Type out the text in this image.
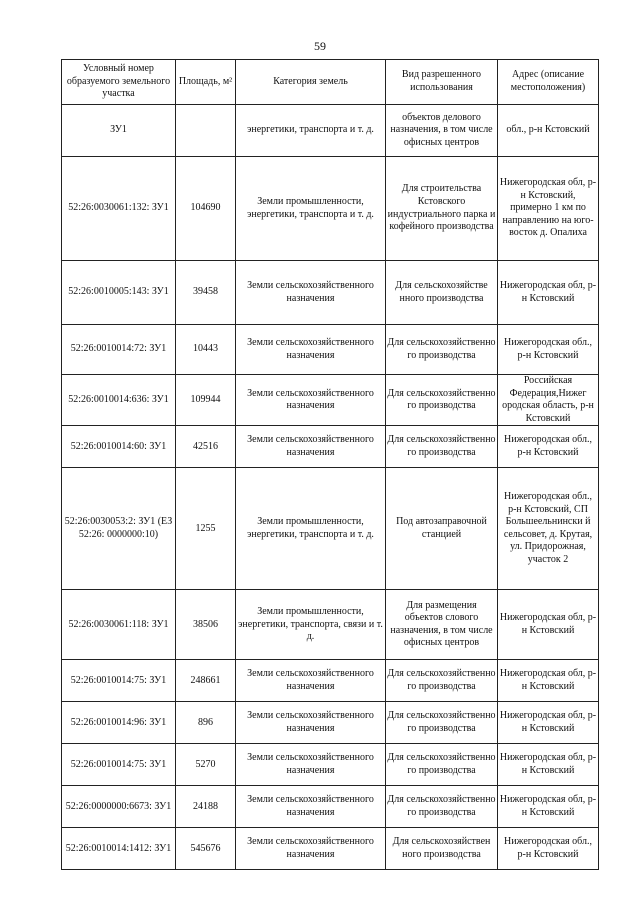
59
Условный номер образуемого земельного участка	Площадь, м²	Категория земель	Вид разрешенного использования	Адрес (описание местоположения)
ЗУ1		энергетики, транспорта и т. д.	объектов делового назначения, в том числе офисных центров	обл., р-н Кстовский
52:26:0030061:132: ЗУ1	104690	Земли промышленности, энергетики, транспорта и т. д.	Для строительства Кстовского индустриального парка и кофейного производства	Нижегородская обл, р-н Кстовский, примерно 1 км по направлению на юго-восток д. Опалиха
52:26:0010005:143: ЗУ1	39458	Земли сельскохозяйственного назначения	Для сельскохозяйстве нного производства	Нижегородская обл, р-н Кстовский
52:26:0010014:72: ЗУ1	10443	Земли сельскохозяйственного назначения	Для сельскохозяйственно го производства	Нижегородская обл., р-н Кстовский
52:26:0010014:636: ЗУ1	109944	Земли сельскохозяйственного назначения	Для сельскохозяйственно го производства	Российская Федерация,Нижег ородская область, р-н Кстовский
52:26:0010014:60: ЗУ1	42516	Земли сельскохозяйственного назначения	Для сельскохозяйственно го производства	Нижегородская обл., р-н Кстовский
52:26:0030053:2: ЗУ1 (ЕЗ 52:26: 0000000:10)	1255	Земли промышленности, энергетики, транспорта и т. д.	Под автозаправочной станцией	Нижегородская обл., р-н Кстовский, СП Большеельнински й сельсовет, д. Крутая, ул. Придорожная, участок 2
52:26:0030061:118: ЗУ1	38506	Земли промышленности, энергетики, транспорта, связи и т. д.	Для размещения объектов слового назначения, в том числе офисных центров	Нижегородская обл, р-н Кстовский
52:26:0010014:75: ЗУ1	248661	Земли сельскохозяйственного назначения	Для сельскохозяйственно го производства	Нижегородская обл, р-н Кстовский
52:26:0010014:96: ЗУ1	896	Земли сельскохозяйственного назначения	Для сельскохозяйственно го производства	Нижегородская обл, р-н Кстовский
52:26:0010014:75: ЗУ1	5270	Земли сельскохозяйственного назначения	Для сельскохозяйственно го производства	Нижегородская обл, р-н Кстовский
52:26:0000000:6673: ЗУ1	24188	Земли сельскохозяйственного назначения	Для сельскохозяйственно го производства	Нижегородская обл, р-н Кстовский
52:26:0010014:1412: ЗУ1	545676	Земли сельскохозяйственного назначения	Для сельскохозяйствен ного производства	Нижегородская обл., р-н Кстовский
